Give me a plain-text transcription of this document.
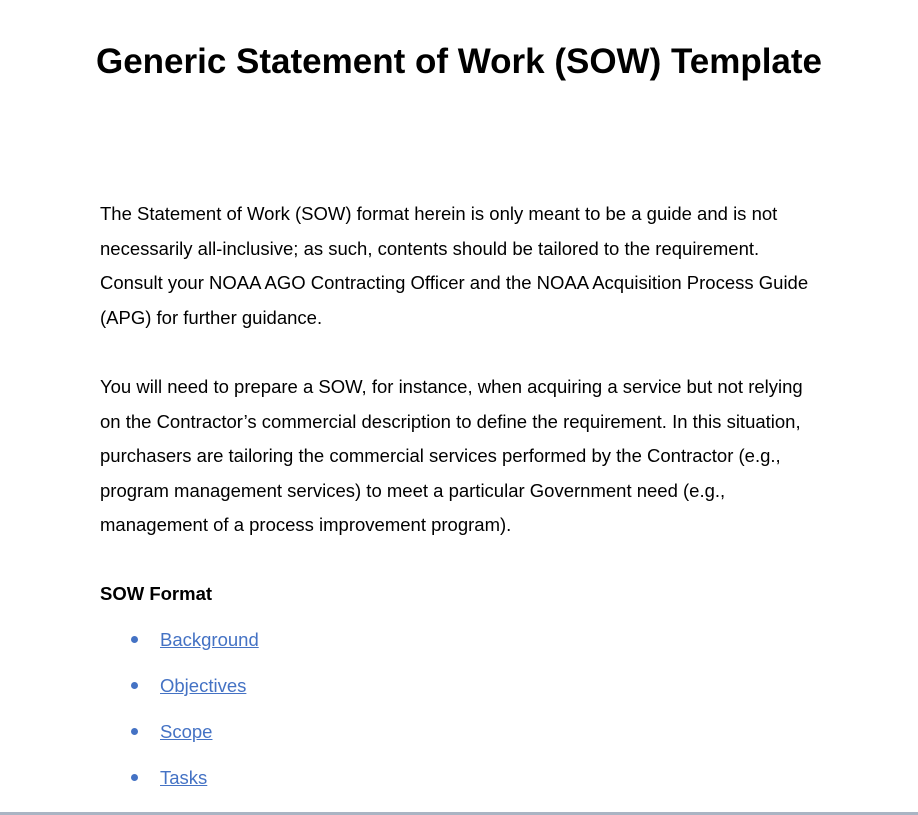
Generic Statement of Work (SOW) Template

The Statement of Work (SOW) format herein is only meant to be a guide and is not necessarily all-inclusive; as such, contents should be tailored to the requirement. Consult your NOAA AGO Contracting Officer and the NOAA Acquisition Process Guide (APG) for further guidance.

You will need to prepare a SOW, for instance, when acquiring a service but not relying on the Contractor’s commercial description to define the requirement. In this situation, purchasers are tailoring the commercial services performed by the Contractor (e.g., program management services) to meet a particular Government need (e.g., management of a process improvement program).

SOW Format

Background
Objectives
Scope
Tasks
